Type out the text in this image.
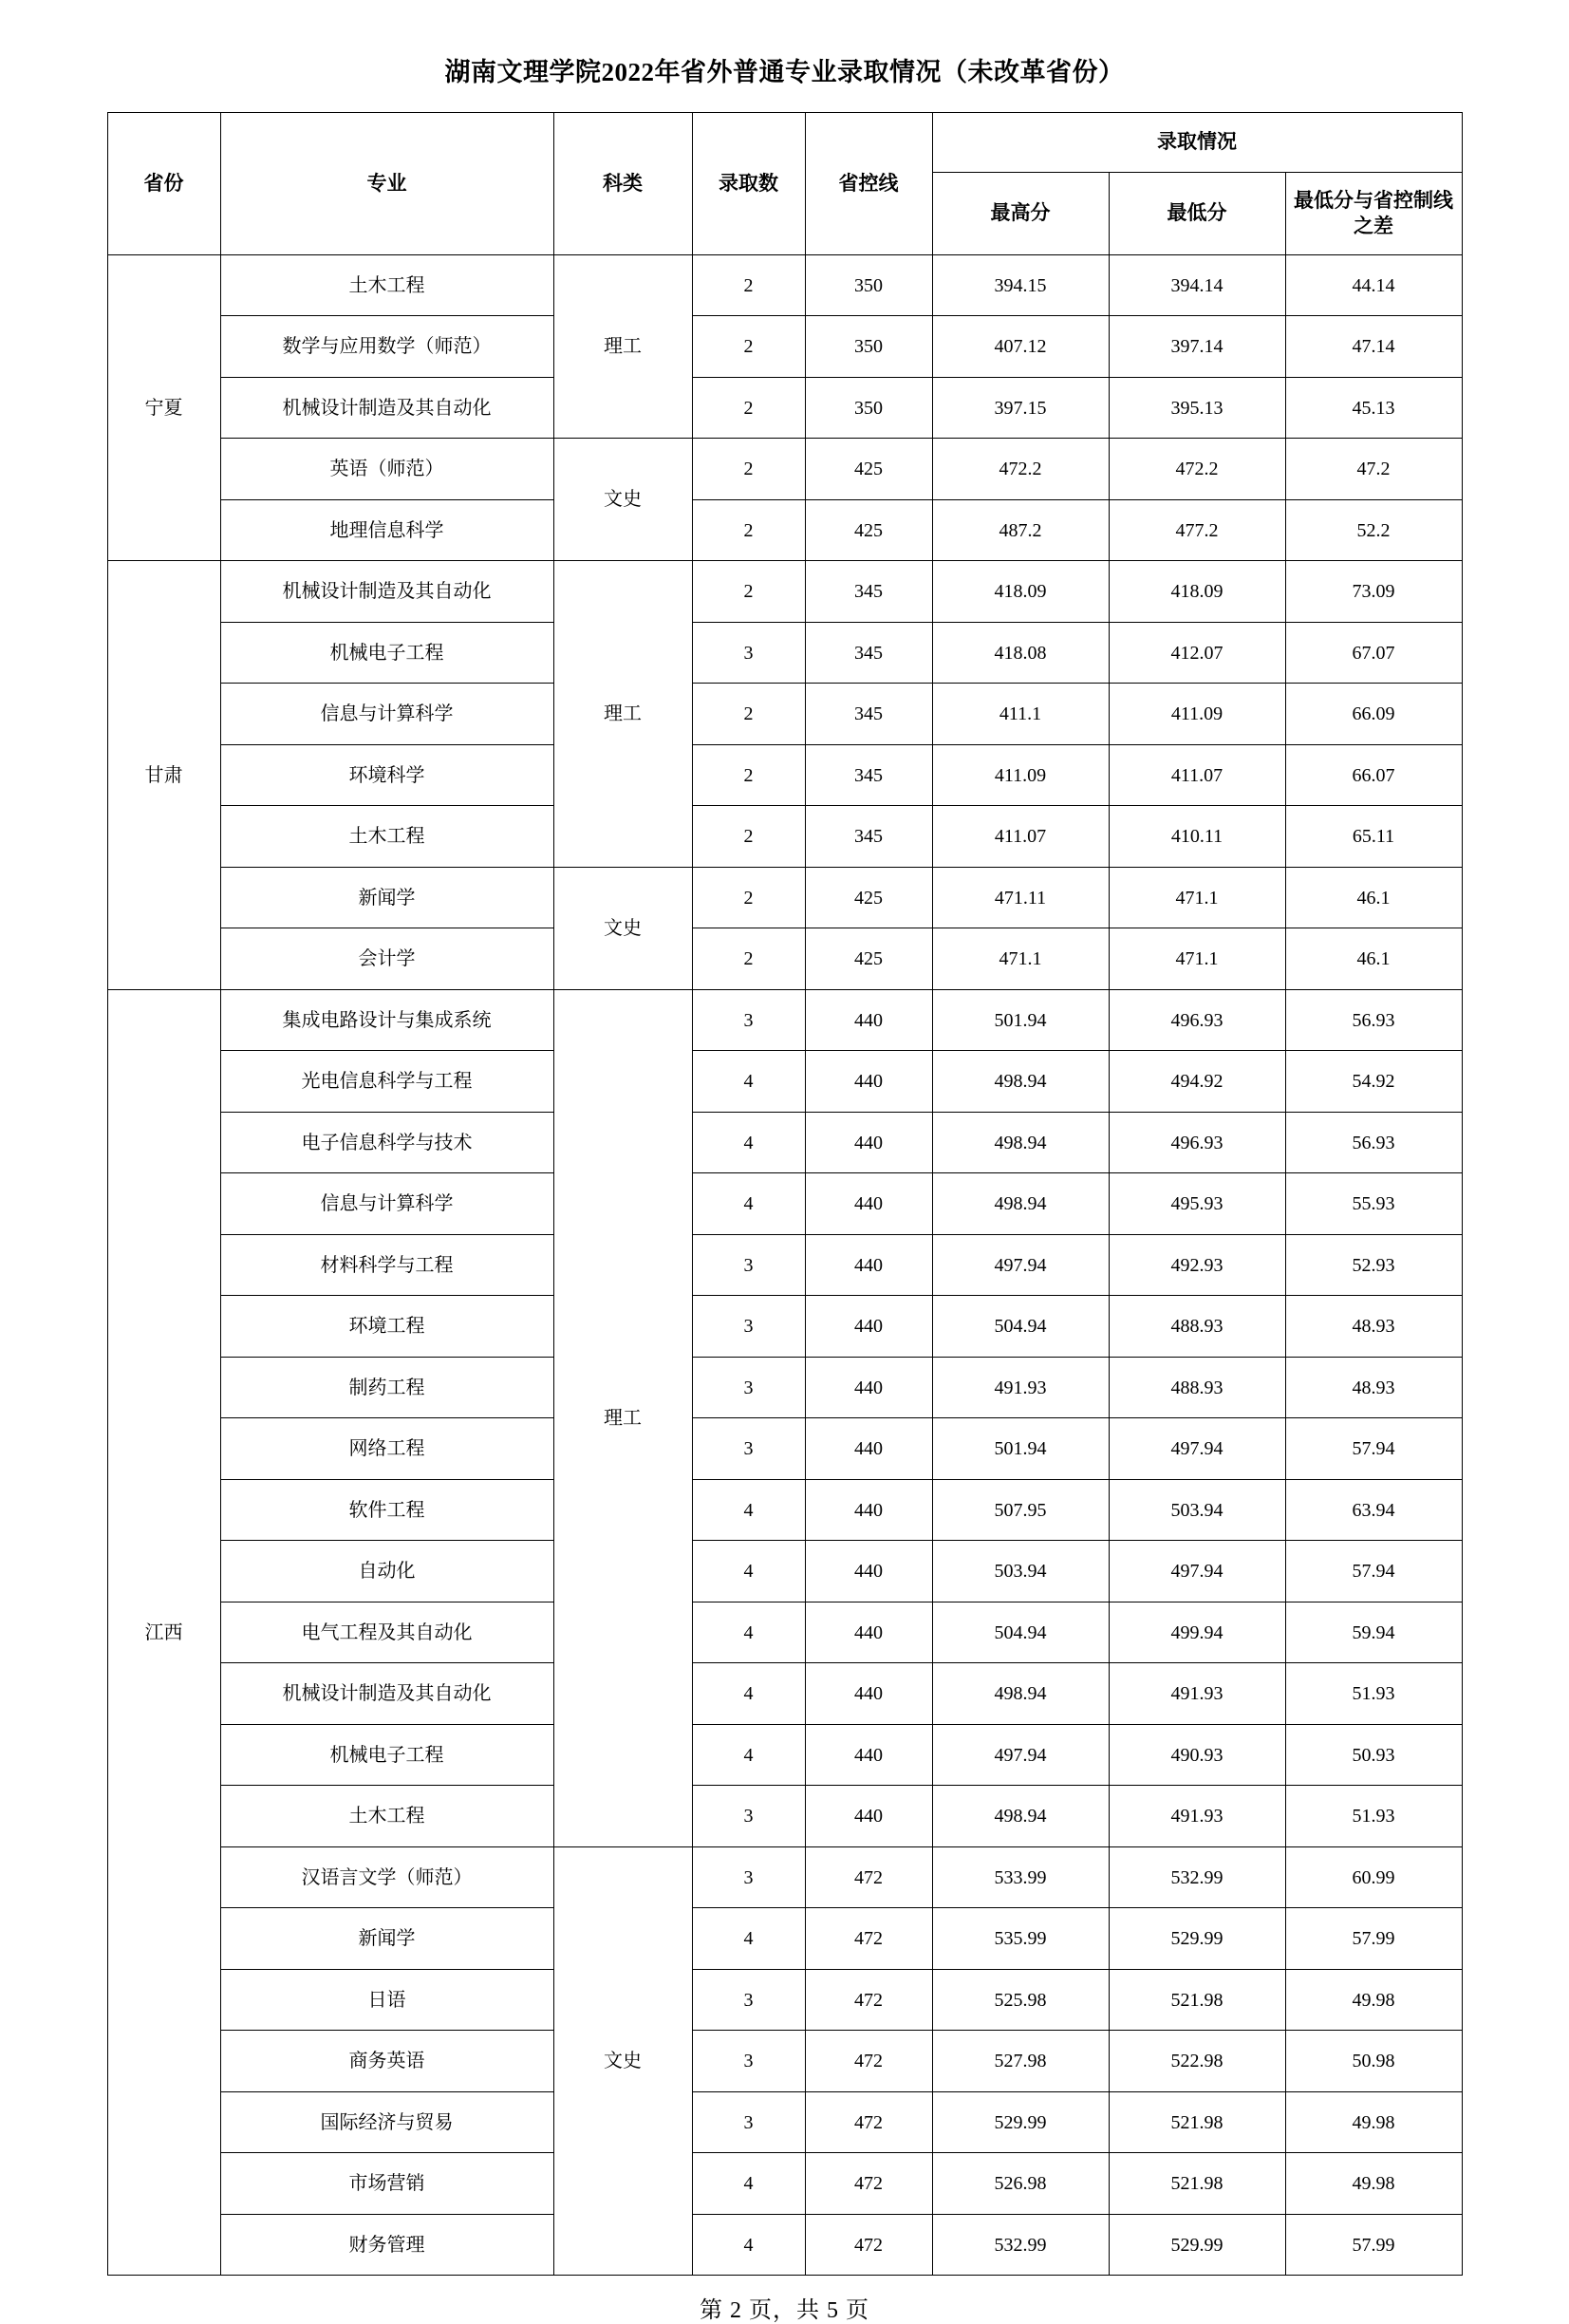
湖南文理学院2022年省外普通专业录取情况（未改革省份）
省份	专业	科类	录取数	省控线	录取情况		
					最高分	最低分	最低分与省控制线之差
宁夏	土木工程	理工	2	350	394.15	394.14	44.14
	数学与应用数学（师范）		2	350	407.12	397.14	47.14
	机械设计制造及其自动化		2	350	397.15	395.13	45.13
	英语（师范）	文史	2	425	472.2	472.2	47.2
	地理信息科学		2	425	487.2	477.2	52.2
甘肃	机械设计制造及其自动化	理工	2	345	418.09	418.09	73.09
	机械电子工程		3	345	418.08	412.07	67.07
	信息与计算科学		2	345	411.1	411.09	66.09
	环境科学		2	345	411.09	411.07	66.07
	土木工程		2	345	411.07	410.11	65.11
	新闻学	文史	2	425	471.11	471.1	46.1
	会计学		2	425	471.1	471.1	46.1
江西	集成电路设计与集成系统	理工	3	440	501.94	496.93	56.93
	光电信息科学与工程		4	440	498.94	494.92	54.92
	电子信息科学与技术		4	440	498.94	496.93	56.93
	信息与计算科学		4	440	498.94	495.93	55.93
	材料科学与工程		3	440	497.94	492.93	52.93
	环境工程		3	440	504.94	488.93	48.93
	制药工程		3	440	491.93	488.93	48.93
	网络工程		3	440	501.94	497.94	57.94
	软件工程		4	440	507.95	503.94	63.94
	自动化		4	440	503.94	497.94	57.94
	电气工程及其自动化		4	440	504.94	499.94	59.94
	机械设计制造及其自动化		4	440	498.94	491.93	51.93
	机械电子工程		4	440	497.94	490.93	50.93
	土木工程		3	440	498.94	491.93	51.93
	汉语言文学（师范）	文史	3	472	533.99	532.99	60.99
	新闻学		4	472	535.99	529.99	57.99
	日语		3	472	525.98	521.98	49.98
	商务英语		3	472	527.98	522.98	50.98
	国际经济与贸易		3	472	529.99	521.98	49.98
	市场营销		4	472	526.98	521.98	49.98
	财务管理		4	472	532.99	529.99	57.99
第 2 页，共 5 页
